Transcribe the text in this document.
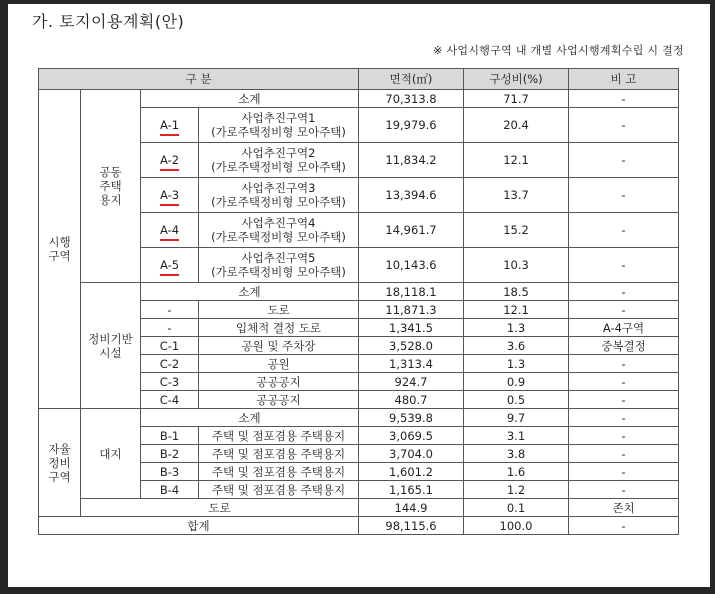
가. 토지이용계획(안)
※ 사업시행구역 내 개별 사업시행계획수립 시 결정
구 분				면적(㎡)	구성비(%)	비 고
시행
구역	공동
주택
용지	소계		70,313.8	71.7	-
		A-1	사업추진구역1
(가로주택정비형 모아주택)	19,979.6	20.4	-
		A-2	사업추진구역2
(가로주택정비형 모아주택)	11,834.2	12.1	-
		A-3	사업추진구역3
(가로주택정비형 모아주택)	13,394.6	13.7	-
		A-4	사업추진구역4
(가로주택정비형 모아주택)	14,961.7	15.2	-
		A-5	사업추진구역5
(가로주택정비형 모아주택)	10,143.6	10.3	-
	정비기반
시설	소계		18,118.1	18.5	-
		-	도로	11,871.3	12.1	-
		-	입체적 결정 도로	1,341.5	1.3	A-4구역
		C-1	공원 및 주차장	3,528.0	3.6	중복결정
		C-2	공원	1,313.4	1.3	-
		C-3	공공공지	924.7	0.9	-
		C-4	공공공지	480.7	0.5	-
자율
정비
구역	대지	소계		9,539.8	9.7	-
		B-1	주택 및 점포겸용 주택용지	3,069.5	3.1	-
		B-2	주택 및 점포겸용 주택용지	3,704.0	3.8	-
		B-3	주택 및 점포겸용 주택용지	1,601.2	1.6	-
		B-4	주택 및 점포겸용 주택용지	1,165.1	1.2	-
	도로			144.9	0.1	존치
합계				98,115.6	100.0	-
